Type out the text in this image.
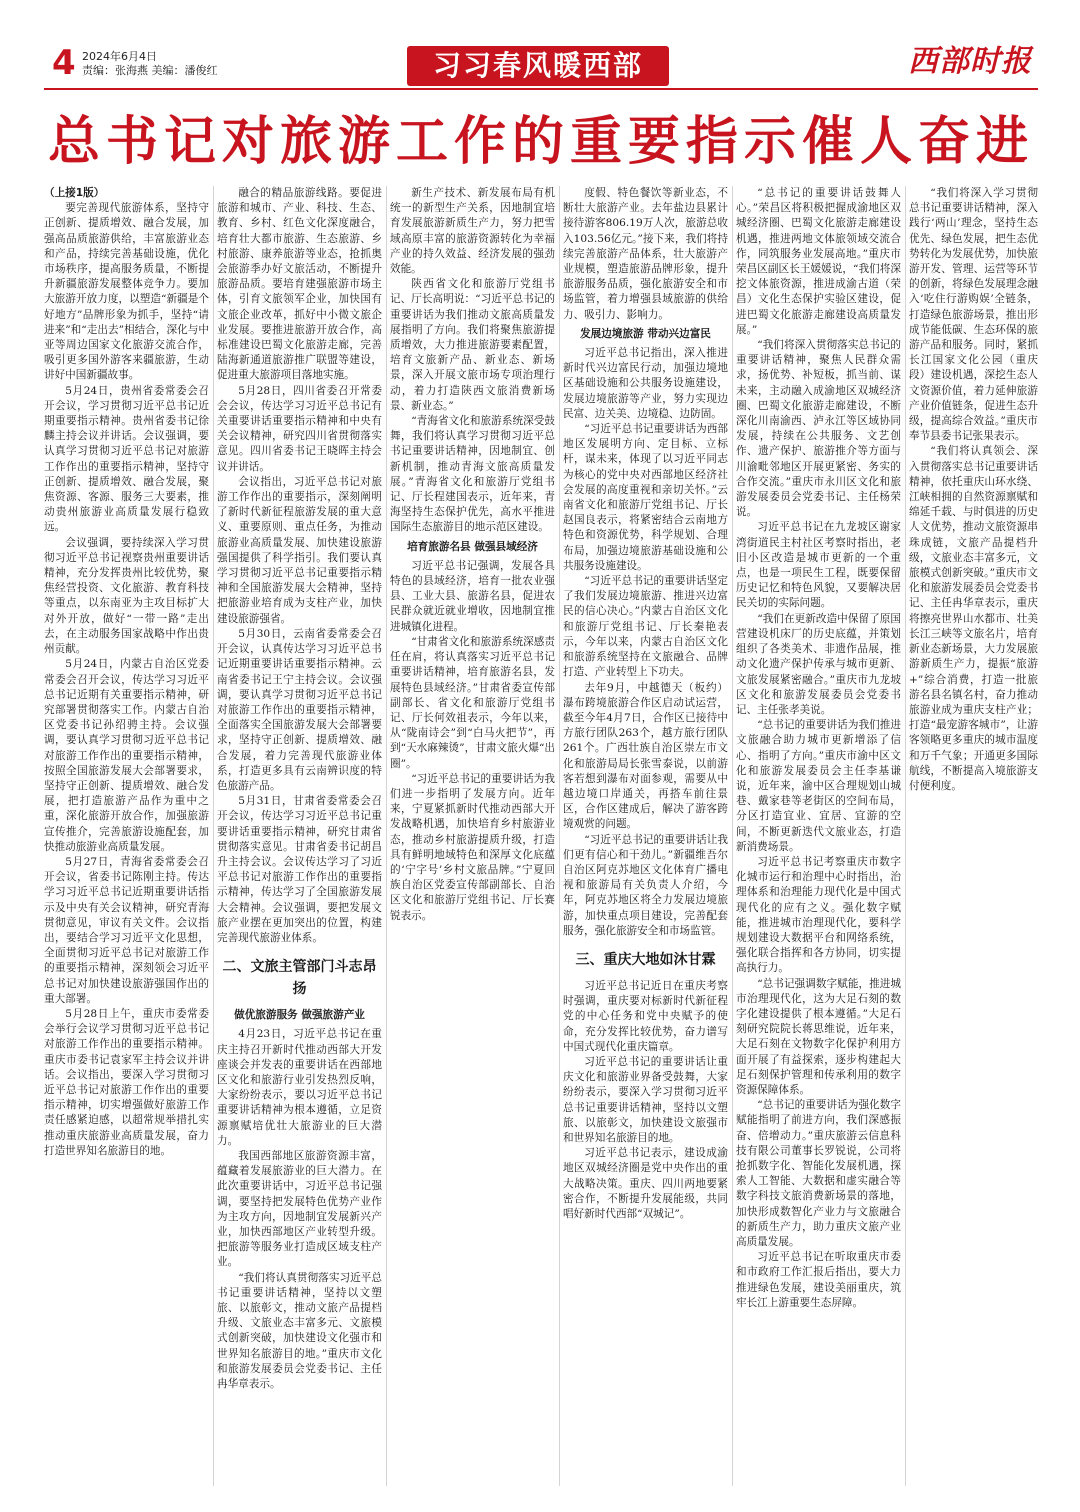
4 2024年6月4日
责编：张海燕 美编：潘俊红	习习春风暖西部	西部时报
总书记对旅游工作的重要指示催人奋进

（上接1版）

要完善现代旅游体系，坚持守正创新、提质增效、融合发展，加强高品质旅游供给，丰富旅游业态和产品，持续完善基础设施，优化市场秩序，提高服务质量，不断提升新疆旅游发展整体竞争力。要加大旅游开放力度，以塑造“新疆是个好地方”品牌形象为抓手，坚持“请进来”和“走出去”相结合，深化与中亚等周边国家文化旅游交流合作，吸引更多国外游客来疆旅游，生动讲好中国新疆故事。

5月24日，贵州省委常委会召开会议，学习贯彻习近平总书记近期重要指示精神。贵州省委书记徐麟主持会议并讲话。会议强调，要认真学习贯彻习近平总书记对旅游工作作出的重要指示精神，坚持守正创新、提质增效、融合发展，聚焦资源、客源、服务三大要素，推动贵州旅游业高质量发展行稳致远。

会议强调，要持续深入学习贯彻习近平总书记视察贵州重要讲话精神，充分发挥贵州比较优势，聚焦经营投资、文化旅游、教育科技等重点，以东南亚为主攻目标扩大对外开放，做好“一带一路”走出去，在主动服务国家战略中作出贵州贡献。

5月24日，内蒙古自治区党委常委会召开会议，传达学习习近平总书记近期有关重要指示精神，研究部署贯彻落实工作。内蒙古自治区党委书记孙绍骋主持。会议强调，要认真学习贯彻习近平总书记对旅游工作作出的重要指示精神，按照全国旅游发展大会部署要求，坚持守正创新、提质增效、融合发展，把打造旅游产品作为重中之重，深化旅游开放合作，加强旅游宣传推介，完善旅游设施配套，加快推动旅游业高质量发展。

5月27日，青海省委常委会召开会议，省委书记陈刚主持。传达学习习近平总书记近期重要讲话指示及中央有关会议精神，研究青海贯彻意见，审议有关文件。会议指出，要结合学习习近平文化思想，全面贯彻习近平总书记对旅游工作的重要指示精神，深刻领会习近平总书记对加快建设旅游强国作出的重大部署。

5月28日上午，重庆市委常委会举行会议学习贯彻习近平总书记对旅游工作作出的重要指示精神。重庆市委书记袁家军主持会议并讲话。会议指出，要深入学习贯彻习近平总书记对旅游工作作出的重要指示精神，切实增强做好旅游工作责任感紧迫感，以超常规举措扎实推动重庆旅游业高质量发展，奋力打造世界知名旅游目的地。

融合的精品旅游线路。要促进旅游和城市、产业、科技、生态、教育、乡村、红色文化深度融合，培育壮大都市旅游、生态旅游、乡村旅游、康养旅游等业态，抢抓奥会旅游季办好文旅活动，不断提升旅游品质。要培育建强旅游市场主体，引育文旅领军企业，加快国有文旅企业改革，抓好中小微文旅企业发展。要推进旅游开放合作，高标准建设巴蜀文化旅游走廊，完善陆海新通道旅游推广联盟等建设，促进重大旅游项目落地实施。

5月28日，四川省委召开常委会会议，传达学习习近平总书记有关重要讲话重要指示精神和中央有关会议精神，研究四川省贯彻落实意见。四川省委书记王晓晖主持会议并讲话。

会议指出，习近平总书记对旅游工作作出的重要指示，深刻阐明了新时代新征程旅游发展的重大意义、重要原则、重点任务，为推动旅游业高质量发展、加快建设旅游强国提供了科学指引。我们要认真学习贯彻习近平总书记重要指示精神和全国旅游发展大会精神，坚持把旅游业培育成为支柱产业，加快建设旅游强省。

5月30日，云南省委常委会召开会议，认真传达学习习近平总书记近期重要讲话重要指示精神。云南省委书记王宁主持会议。会议强调，要认真学习贯彻习近平总书记对旅游工作作出的重要指示精神，全面落实全国旅游发展大会部署要求，坚持守正创新、提质增效、融合发展，着力完善现代旅游业体系，打造更多具有云南辨识度的特色旅游产品。

5月31日，甘肃省委常委会召开会议，传达学习习近平总书记重要讲话重要指示精神，研究甘肃省贯彻落实意见。甘肃省委书记胡昌升主持会议。会议传达学习了习近平总书记对旅游工作作出的重要指示精神，传达学习了全国旅游发展大会精神。会议强调，要把发展文旅产业摆在更加突出的位置，构建完善现代旅游业体系。

二、文旅主管部门斗志昂扬

做优旅游服务 做强旅游产业

4月23日，习近平总书记在重庆主持召开新时代推动西部大开发座谈会并发表的重要讲话在西部地区文化和旅游行业引发热烈反响，大家纷纷表示，要以习近平总书记重要讲话精神为根本遵循，立足资源禀赋培优壮大旅游业的巨大潜力。

我国西部地区旅游资源丰富，蕴藏着发展旅游业的巨大潜力。在此次重要讲话中，习近平总书记强调，要坚持把发展特色优势产业作为主攻方向，因地制宜发展新兴产业，加快西部地区产业转型升级。把旅游等服务业打造成区域支柱产业。

“我们将认真贯彻落实习近平总书记重要讲话精神，坚持以文塑旅、以旅彰文，推动文旅产品提档升级、文旅业态丰富多元、文旅模式创新突破，加快建设文化强市和世界知名旅游目的地。”重庆市文化和旅游发展委员会党委书记、主任冉华章表示。

新生产技术、新发展布局有机统一的新型生产关系，因地制宜培育发展旅游新质生产力，努力把雪域高原丰富的旅游资源转化为幸福产业的持久效益、经济发展的强劲效能。

陕西省文化和旅游厅党组书记、厅长高明说：“习近平总书记的重要讲话为我们推动文旅高质量发展指明了方向。我们将聚焦旅游提质增效，大力推进旅游要素配置，培育文旅新产品、新业态、新场景，深入开展文旅市场专项治理行动，着力打造陕西文旅消费新场景、新业态。”

“青海省文化和旅游系统深受鼓舞，我们将认真学习贯彻习近平总书记重要讲话精神，因地制宜、创新机制，推动青海文旅高质量发展。”青海省文化和旅游厅党组书记、厅长程建国表示，近年来，青海坚持生态保护优先，高水平推进国际生态旅游目的地示范区建设。

培育旅游名县 做强县域经济

习近平总书记强调，发展各具特色的县域经济，培育一批农业强县、工业大县、旅游名县，促进农民群众就近就业增收，因地制宜推进城镇化进程。

“甘肃省文化和旅游系统深感责任在肩，将认真落实习近平总书记重要讲话精神，培育旅游名县，发展特色县域经济。”甘肃省委宣传部副部长、省文化和旅游厅党组书记、厅长何效祖表示，今年以来，从“陇南诗会”到“白马火把节”，再到“天水麻辣烫”，甘肃文旅火爆“出圈”。

“习近平总书记的重要讲话为我们进一步指明了发展方向。近年来，宁夏紧抓新时代推动西部大开发战略机遇，加快培育乡村旅游业态，推动乡村旅游提质升级，打造具有鲜明地域特色和深厚文化底蕴的‘宁字号’乡村文旅品牌。”宁夏回族自治区党委宣传部副部长、自治区文化和旅游厅党组书记、厅长赛锐表示。

度假、特色餐饮等新业态，不断壮大旅游产业。去年盐边县累计接待游客806.19万人次，旅游总收入103.56亿元。”接下来，我们将持续完善旅游产品体系，壮大旅游产业规模，塑造旅游品牌形象，提升旅游服务品质，强化旅游安全和市场监管，着力增强县域旅游的供给力、吸引力、影响力。

发展边境旅游 带动兴边富民

习近平总书记指出，深入推进新时代兴边富民行动，加强边境地区基础设施和公共服务设施建设，发展边境旅游等产业，努力实现边民富、边关美、边境稳、边防固。

“习近平总书记重要讲话为西部地区发展明方向、定目标、立标杆，谋未来，体现了以习近平同志为核心的党中央对西部地区经济社会发展的高度重视和亲切关怀。”云南省文化和旅游厅党组书记、厅长赵国良表示，将紧密结合云南地方特色和资源优势，科学规划、合理布局，加强边境旅游基础设施和公共服务设施建设。

“习近平总书记的重要讲话坚定了我们发展边境旅游、推进兴边富民的信心决心。”内蒙古自治区文化和旅游厅党组书记、厅长秦艳表示，今年以来，内蒙古自治区文化和旅游系统坚持在文旅融合、品牌打造、产业转型上下功夫。

去年9月，中越德天（板约）瀑布跨境旅游合作区启动试运营，截至今年4月7日，合作区已接待中方旅行团队263个，越方旅行团队261个。广西壮族自治区崇左市文化和旅游局局长张雪泰说，以前游客若想到瀑布对面参观，需要从中越边境口岸通关，再搭车前往景区，合作区建成后，解决了游客跨境观赏的问题。

“习近平总书记的重要讲话让我们更有信心和干劲儿。”新疆维吾尔自治区阿克苏地区文化体育广播电视和旅游局有关负责人介绍，今年，阿克苏地区将全力发展边境旅游，加快重点项目建设，完善配套服务，强化旅游安全和市场监管。

三、重庆大地如沐甘霖

习近平总书记近日在重庆考察时强调，重庆要对标新时代新征程党的中心任务和党中央赋予的使命，充分发挥比较优势，奋力谱写中国式现代化重庆篇章。

习近平总书记的重要讲话让重庆文化和旅游业界备受鼓舞，大家纷纷表示，要深入学习贯彻习近平总书记重要讲话精神，坚持以文塑旅、以旅彰文，加快建设文旅强市和世界知名旅游目的地。

习近平总书记表示，建设成渝地区双城经济圈是党中央作出的重大战略决策。重庆、四川两地要紧密合作，不断提升发展能级，共同唱好新时代西部“双城记”。

“总书记的重要讲话鼓舞人心。”荣昌区将积极把握成渝地区双城经济圈、巴蜀文化旅游走廊建设机遇，推进两地文体旅领域交流合作，同筑服务业发展高地。”重庆市荣昌区副区长王媛媛说，“我们将深挖文体旅资源，推进成渝古道（荣昌）文化生态保护实验区建设，促进巴蜀文化旅游走廊建设高质量发展。”

“我们将深入贯彻落实总书记的重要讲话精神，聚焦人民群众需求，扬优势、补短板，抓当前、谋未来，主动融入成渝地区双城经济圈、巴蜀文化旅游走廊建设，不断深化川南渝西、泸永江等区域协同发展，持续在公共服务、文艺创作、遗产保护、旅游推介等方面与川渝毗邻地区开展更紧密、务实的合作交流。”重庆市永川区文化和旅游发展委员会党委书记、主任杨荣说。

习近平总书记在九龙坡区谢家湾街道民主村社区考察时指出，老旧小区改造是城市更新的一个重点，也是一项民生工程，既要保留历史记忆和特色风貌，又要解决居民关切的实际问题。

“我们在更新改造中保留了原国营建设机床厂的历史底蕴，并策划组织了各类美术、非遗作品展，推动文化遗产保护传承与城市更新、文旅发展紧密融合。”重庆市九龙坡区文化和旅游发展委员会党委书记、主任张孝美说。

“总书记的重要讲话为我们推进文旅融合助力城市更新增添了信心、指明了方向。”重庆市渝中区文化和旅游发展委员会主任李基谦说，近年来，渝中区合理规划山城巷、戴家巷等老街区的空间布局，分区打造宜业、宜居、宜游的空间，不断更新迭代文旅业态，打造新消费场景。

习近平总书记考察重庆市数字化城市运行和治理中心时指出，治理体系和治理能力现代化是中国式现代化的应有之义。强化数字赋能，推进城市治理现代化，要科学规划建设大数据平台和网络系统，强化联合指挥和各方协同，切实提高执行力。

“总书记强调数字赋能，推进城市治理现代化，这为大足石刻的数字化建设提供了根本遵循。”大足石刻研究院院长蒋思维说，近年来，大足石刻在文物数字化保护利用方面开展了有益探索，逐步构建起大足石刻保护管理和传承利用的数字资源保障体系。

“总书记的重要讲话为强化数字赋能指明了前进方向，我们深感振奋、倍增动力。”重庆旅游云信息科技有限公司董事长罗锐说，公司将抢抓数字化、智能化发展机遇，探索人工智能、大数据和虚实融合等数字科技文旅消费新场景的落地，加快形成数智化产业力与文旅融合的新质生产力，助力重庆文旅产业高质量发展。

习近平总书记在听取重庆市委和市政府工作汇报后指出，要大力推进绿色发展，建设美丽重庆，筑牢长江上游重要生态屏障。

“我们将深入学习贯彻总书记重要讲话精神，深入践行‘两山’理念，坚持生态优先、绿色发展，把生态优势转化为发展优势，加快旅游开发、管理、运营等环节的创新，将绿色发展理念融入‘吃住行游购娱’全链条，打造绿色旅游场景，推出形成节能低碳、生态环保的旅游产品和服务。同时，紧抓长江国家文化公园（重庆段）建设机遇，深挖生态人文资源价值，着力延伸旅游产业价值链条，促进生态升级，提高综合效益。”重庆市奉节县委书记张果表示。

“我们将认真领会、深入贯彻落实总书记重要讲话精神，依托重庆山环水绕、江峡相拥的自然资源禀赋和绵延千载、与时俱进的历史人文优势，推动文旅资源串珠成链，文旅产品提档升级，文旅业态丰富多元，文旅模式创新突破。”重庆市文化和旅游发展委员会党委书记、主任冉华章表示，重庆将擦亮世界山水都市、壮美长江三峡等文旅名片，培育新业态新场景，大力发展旅游新质生产力，提振“旅游+”综合消费，打造一批旅游名县名镇名村，奋力推动旅游业成为重庆支柱产业；打造“最宠游客城市”，让游客领略更多重庆的城市温度和万千气象；开通更多国际航线，不断提高入境旅游支付便利度。
